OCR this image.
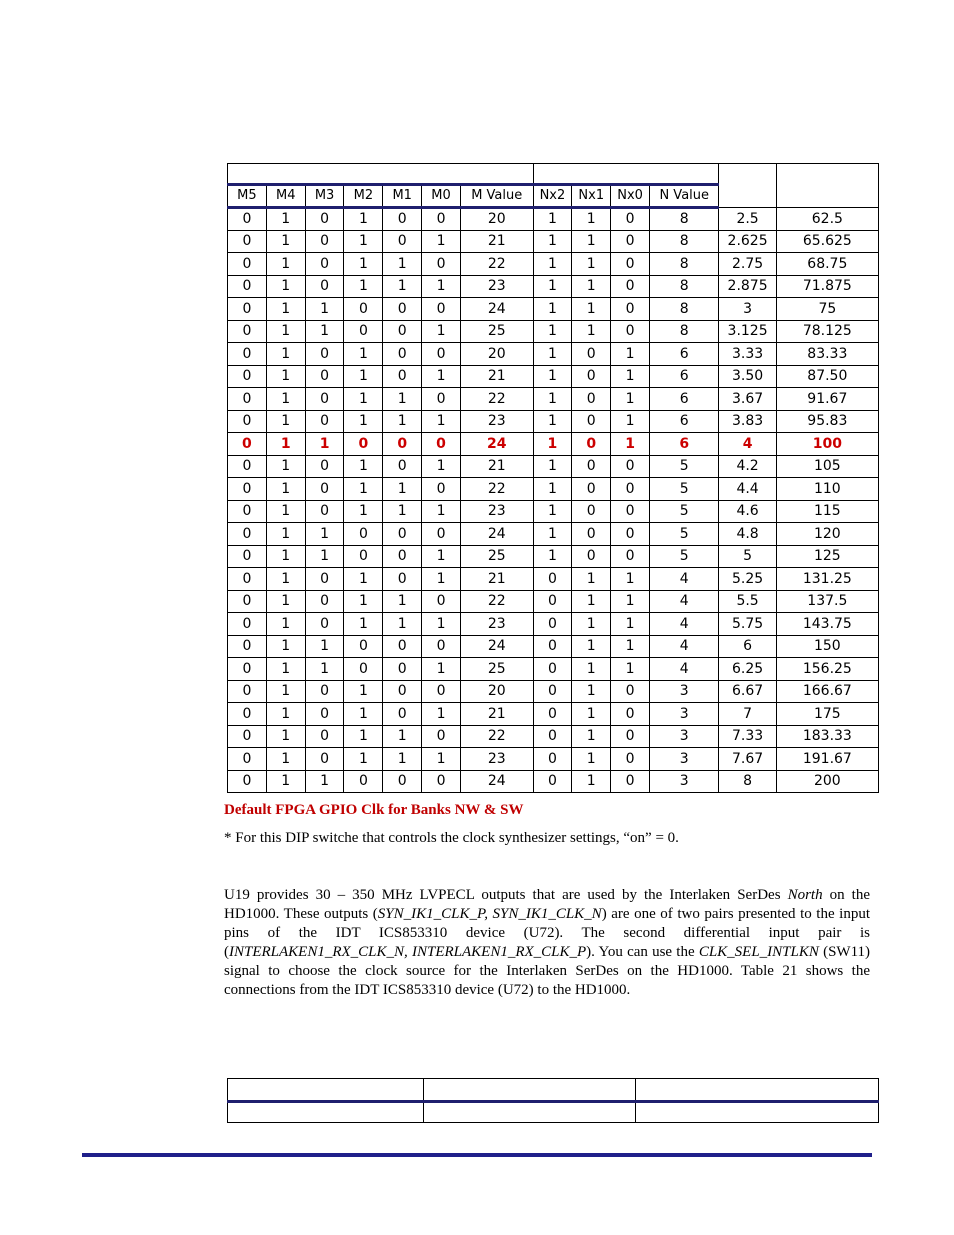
M5	M4	M3	M2	M1	M0	M Value	Nx2	Nx1	Nx0	N Value		
0	1	0	1	0	0	20	1	1	0	8	2.5	62.5
0	1	0	1	0	1	21	1	1	0	8	2.625	65.625
0	1	0	1	1	0	22	1	1	0	8	2.75	68.75
0	1	0	1	1	1	23	1	1	0	8	2.875	71.875
0	1	1	0	0	0	24	1	1	0	8	3	75
0	1	1	0	0	1	25	1	1	0	8	3.125	78.125
0	1	0	1	0	0	20	1	0	1	6	3.33	83.33
0	1	0	1	0	1	21	1	0	1	6	3.50	87.50
0	1	0	1	1	0	22	1	0	1	6	3.67	91.67
0	1	0	1	1	1	23	1	0	1	6	3.83	95.83
0	1	1	0	0	0	24	1	0	1	6	4	100
0	1	0	1	0	1	21	1	0	0	5	4.2	105
0	1	0	1	1	0	22	1	0	0	5	4.4	110
0	1	0	1	1	1	23	1	0	0	5	4.6	115
0	1	1	0	0	0	24	1	0	0	5	4.8	120
0	1	1	0	0	1	25	1	0	0	5	5	125
0	1	0	1	0	1	21	0	1	1	4	5.25	131.25
0	1	0	1	1	0	22	0	1	1	4	5.5	137.5
0	1	0	1	1	1	23	0	1	1	4	5.75	143.75
0	1	1	0	0	0	24	0	1	1	4	6	150
0	1	1	0	0	1	25	0	1	1	4	6.25	156.25
0	1	0	1	0	0	20	0	1	0	3	6.67	166.67
0	1	0	1	0	1	21	0	1	0	3	7	175
0	1	0	1	1	0	22	0	1	0	3	7.33	183.33
0	1	0	1	1	1	23	0	1	0	3	7.67	191.67
0	1	1	0	0	0	24	0	1	0	3	8	200
Default FPGA GPIO Clk for Banks NW & SW
* For this DIP switche that controls the clock synthesizer settings, “on” = 0.
U19 provides 30 – 350 MHz LVPECL outputs that are used by the Interlaken SerDes North on the HD1000. These outputs (SYN_IK1_CLK_P, SYN_IK1_CLK_N) are one of two pairs presented to the input pins of the IDT ICS853310 device (U72). The second differential input pair is (INTERLAKEN1_RX_CLK_N, INTERLAKEN1_RX_CLK_P). You can use the CLK_SEL_INTLKN (SW11) signal to choose the clock source for the Interlaken SerDes on the HD1000. Table 21 shows the connections from the IDT ICS853310 device (U72) to the HD1000.
